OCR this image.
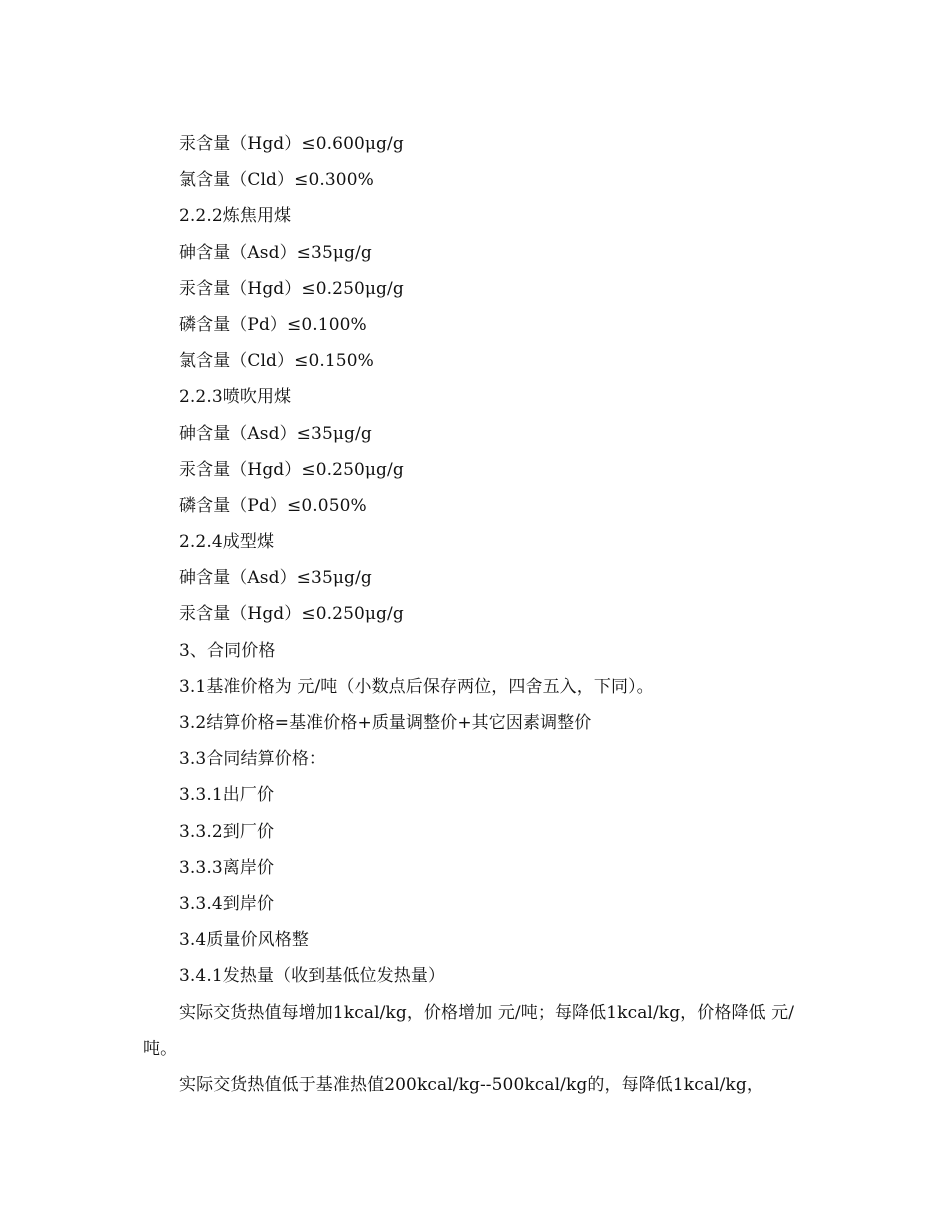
汞含量（Hgd）≤0.600μg/g
氯含量（Cld）≤0.300%
2.2.2炼焦用煤
砷含量（Asd）≤35μg/g
汞含量（Hgd）≤0.250μg/g
磷含量（Pd）≤0.100%
氯含量（Cld）≤0.150%
2.2.3喷吹用煤
砷含量（Asd）≤35μg/g
汞含量（Hgd）≤0.250μg/g
磷含量（Pd）≤0.050%
2.2.4成型煤
砷含量（Asd）≤35μg/g
汞含量（Hgd）≤0.250μg/g
3、合同价格
3.1基准价格为 元/吨（小数点后保存两位，四舍五入，下同）。
3.2结算价格=基准价格+质量调整价+其它因素调整价
3.3合同结算价格：
3.3.1出厂价
3.3.2到厂价
3.3.3离岸价
3.3.4到岸价
3.4质量价风格整
3.4.1发热量（收到基低位发热量）
实际交货热值每增加1kcal/kg，价格增加 元/吨；每降低1kcal/kg，价格降低 元/吨。
实际交货热值低于基准热值200kcal/kg--500kcal/kg的，每降低1kcal/kg，
